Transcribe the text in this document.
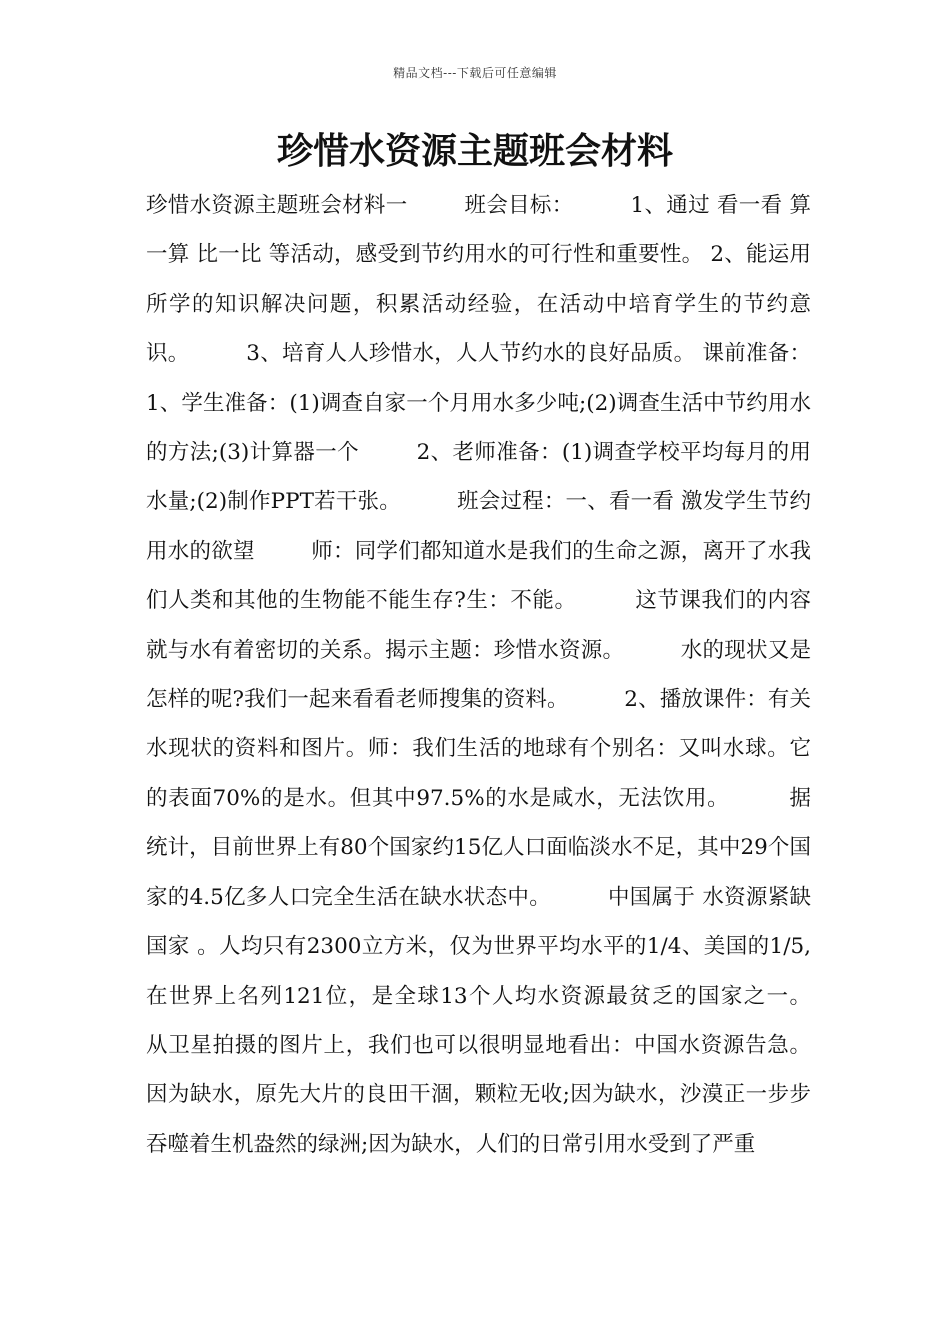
精品文档---下载后可任意编辑
珍惜水资源主题班会材料

珍惜水资源主题班会材料一        班会目标：        1、通过 看一看 算一算 比一比 等活动，感受到节约用水的可行性和重要性。 2、能运用所学的知识解决问题，积累活动经验，在活动中培育学生的节约意识。        3、培育人人珍惜水，人人节约水的良好品质。 课前准备：        1、学生准备：(1)调查自家一个月用水多少吨;(2)调查生活中节约用水的方法;(3)计算器一个        2、老师准备：(1)调查学校平均每月的用水量;(2)制作PPT若干张。        班会过程：一、看一看 激发学生节约用水的欲望        师：同学们都知道水是我们的生命之源，离开了水我们人类和其他的生物能不能生存?生：不能。        这节课我们的内容就与水有着密切的关系。揭示主题：珍惜水资源。        水的现状又是怎样的呢?我们一起来看看老师搜集的资料。        2、播放课件：有关水现状的资料和图片。师：我们生活的地球有个别名：又叫水球。它的表面70%的是水。但其中97.5%的水是咸水，无法饮用。        据统计，目前世界上有80个国家约15亿人口面临淡水不足，其中29个国家的4.5亿多人口完全生活在缺水状态中。        中国属于 水资源紧缺国家 。人均只有2300立方米，仅为世界平均水平的1/4、美国的1/5,在世界上名列121位，是全球13个人均水资源最贫乏的国家之一。        从卫星拍摄的图片上，我们也可以很明显地看出：中国水资源告急。因为缺水，原先大片的良田干涸，颗粒无收;因为缺水，沙漠正一步步吞噬着生机盎然的绿洲;因为缺水，人们的日常引用水受到了严重
